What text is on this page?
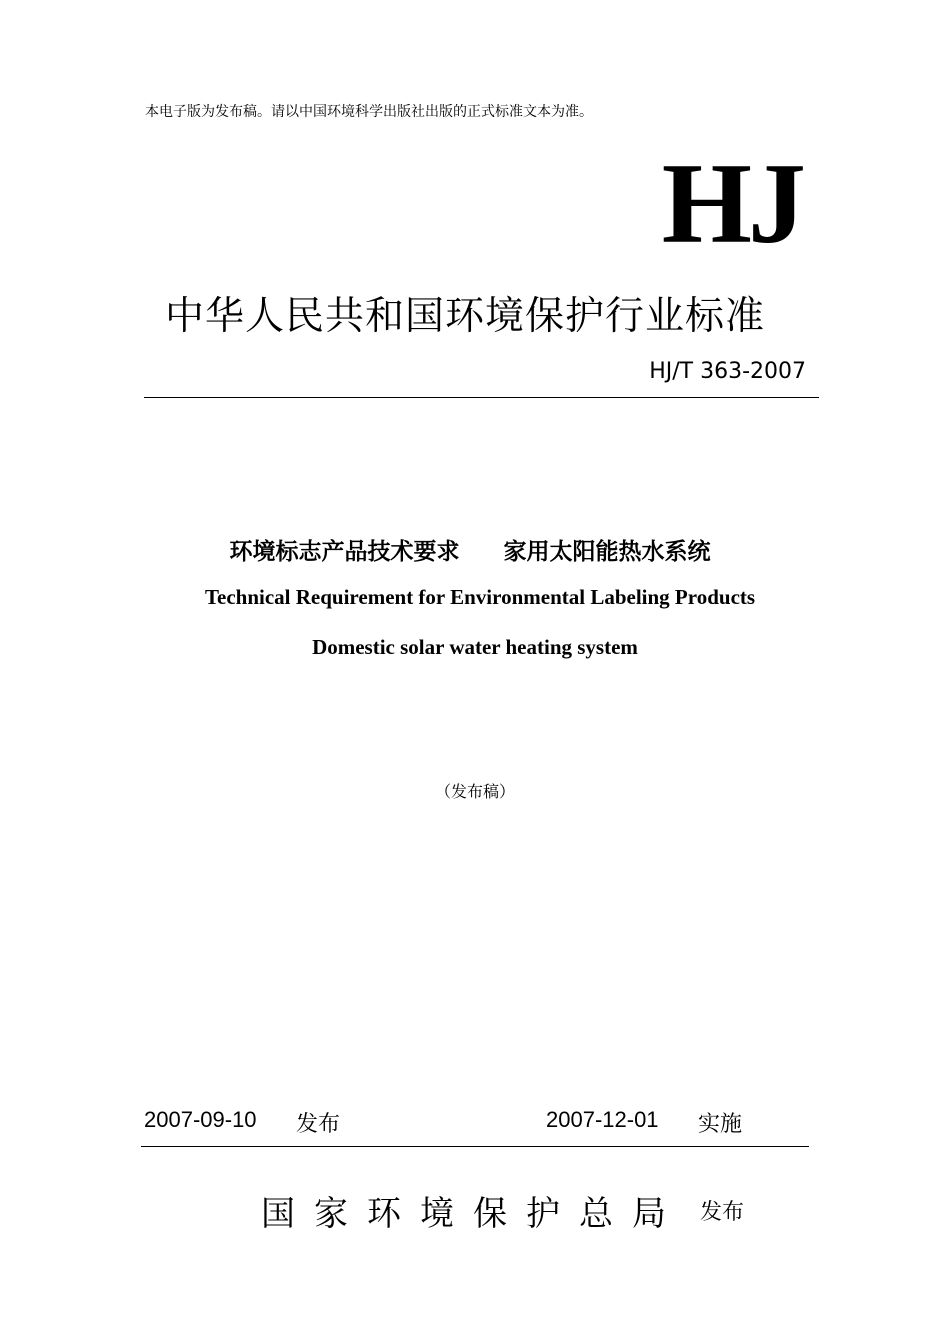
本电子版为发布稿。请以中国环境科学出版社出版的正式标准文本为准。
HJ
中华人民共和国环境保护行业标准
HJ/T 363-2007
环境标志产品技术要求 家用太阳能热水系统
Technical Requirement for Environmental Labeling Products
Domestic solar water heating system
（发布稿）
2007-09-10 发布	2007-12-01 实施
国家环境保护总局 发布
